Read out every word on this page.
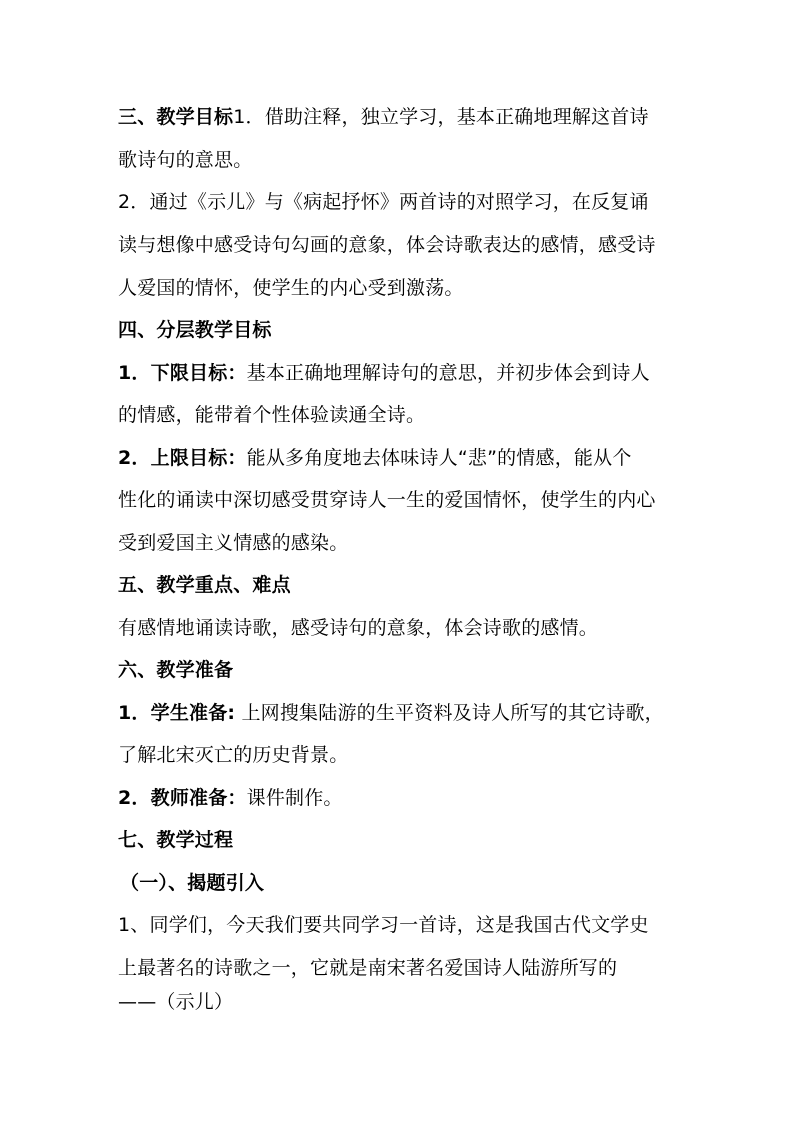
三、教学目标1．借助注释，独立学习，基本正确地理解这首诗
歌诗句的意思。
2．通过《示儿》与《病起抒怀》两首诗的对照学习，在反复诵
读与想像中感受诗句勾画的意象，体会诗歌表达的感情，感受诗
人爱国的情怀，使学生的内心受到激荡。
四、分层教学目标
1．下限目标：基本正确地理解诗句的意思，并初步体会到诗人
的情感，能带着个性体验读通全诗。
2．上限目标：能从多角度地去体味诗人“悲”的情感，能从个
性化的诵读中深切感受贯穿诗人一生的爱国情怀，使学生的内心
受到爱国主义情感的感染。
五、教学重点、难点
有感情地诵读诗歌，感受诗句的意象，体会诗歌的感情。
六、教学准备
1．学生准备: 上网搜集陆游的生平资料及诗人所写的其它诗歌，
了解北宋灭亡的历史背景。
2．教师准备：课件制作。
七、教学过程
（一）、揭题引入
1、同学们，今天我们要共同学习一首诗，这是我国古代文学史
上最著名的诗歌之一，它就是南宋著名爱国诗人陆游所写的
——（示儿）
